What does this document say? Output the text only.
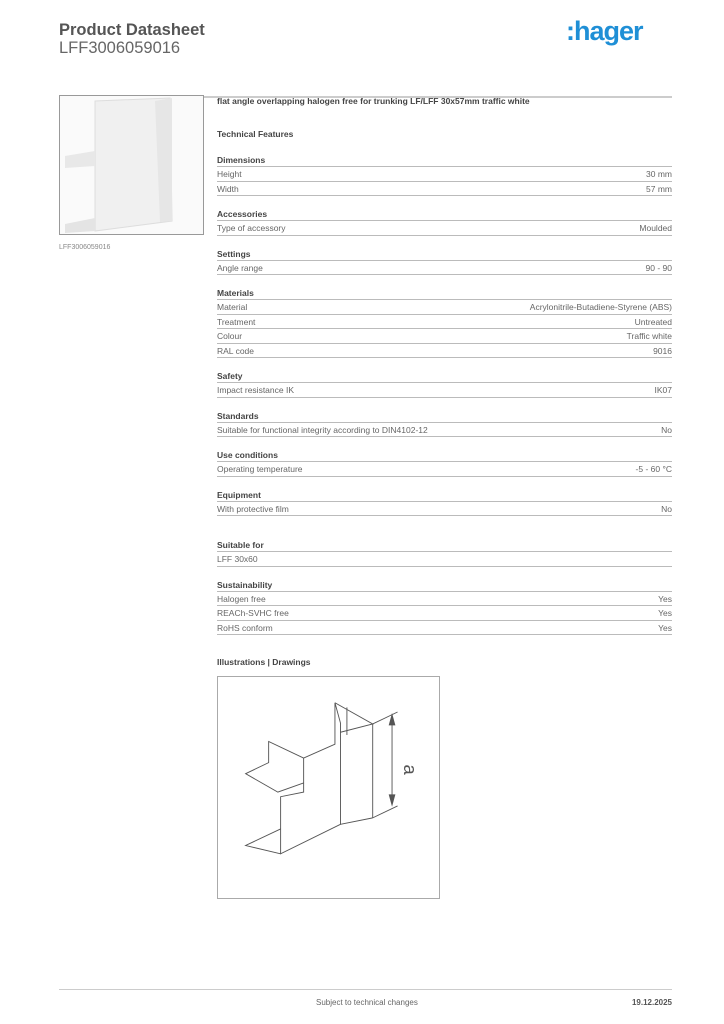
Product Datasheet
LFF3006059016
:hager
LFF3006059016
flat angle overlapping halogen free for trunking LF/LFF 30x57mm traffic white
Technical Features
Dimensions
Height	30 mm
Width	57 mm
Accessories
Type of accessory	Moulded
Settings
Angle range	90 - 90
Materials
Material	Acrylonitrile-Butadiene-Styrene (ABS)
Treatment	Untreated
Colour	Traffic white
RAL code	9016
Safety
Impact resistance IK	IK07
Standards
Suitable for functional integrity according to DIN4102-12	No
Use conditions
Operating temperature	-5 - 60 °C
Equipment
With protective film	No
Suitable for
LFF 30x60
Sustainability
Halogen free	Yes
REACh-SVHC free	Yes
RoHS conform	Yes
Illustrations | Drawings
a
Subject to technical changes	19.12.2025
